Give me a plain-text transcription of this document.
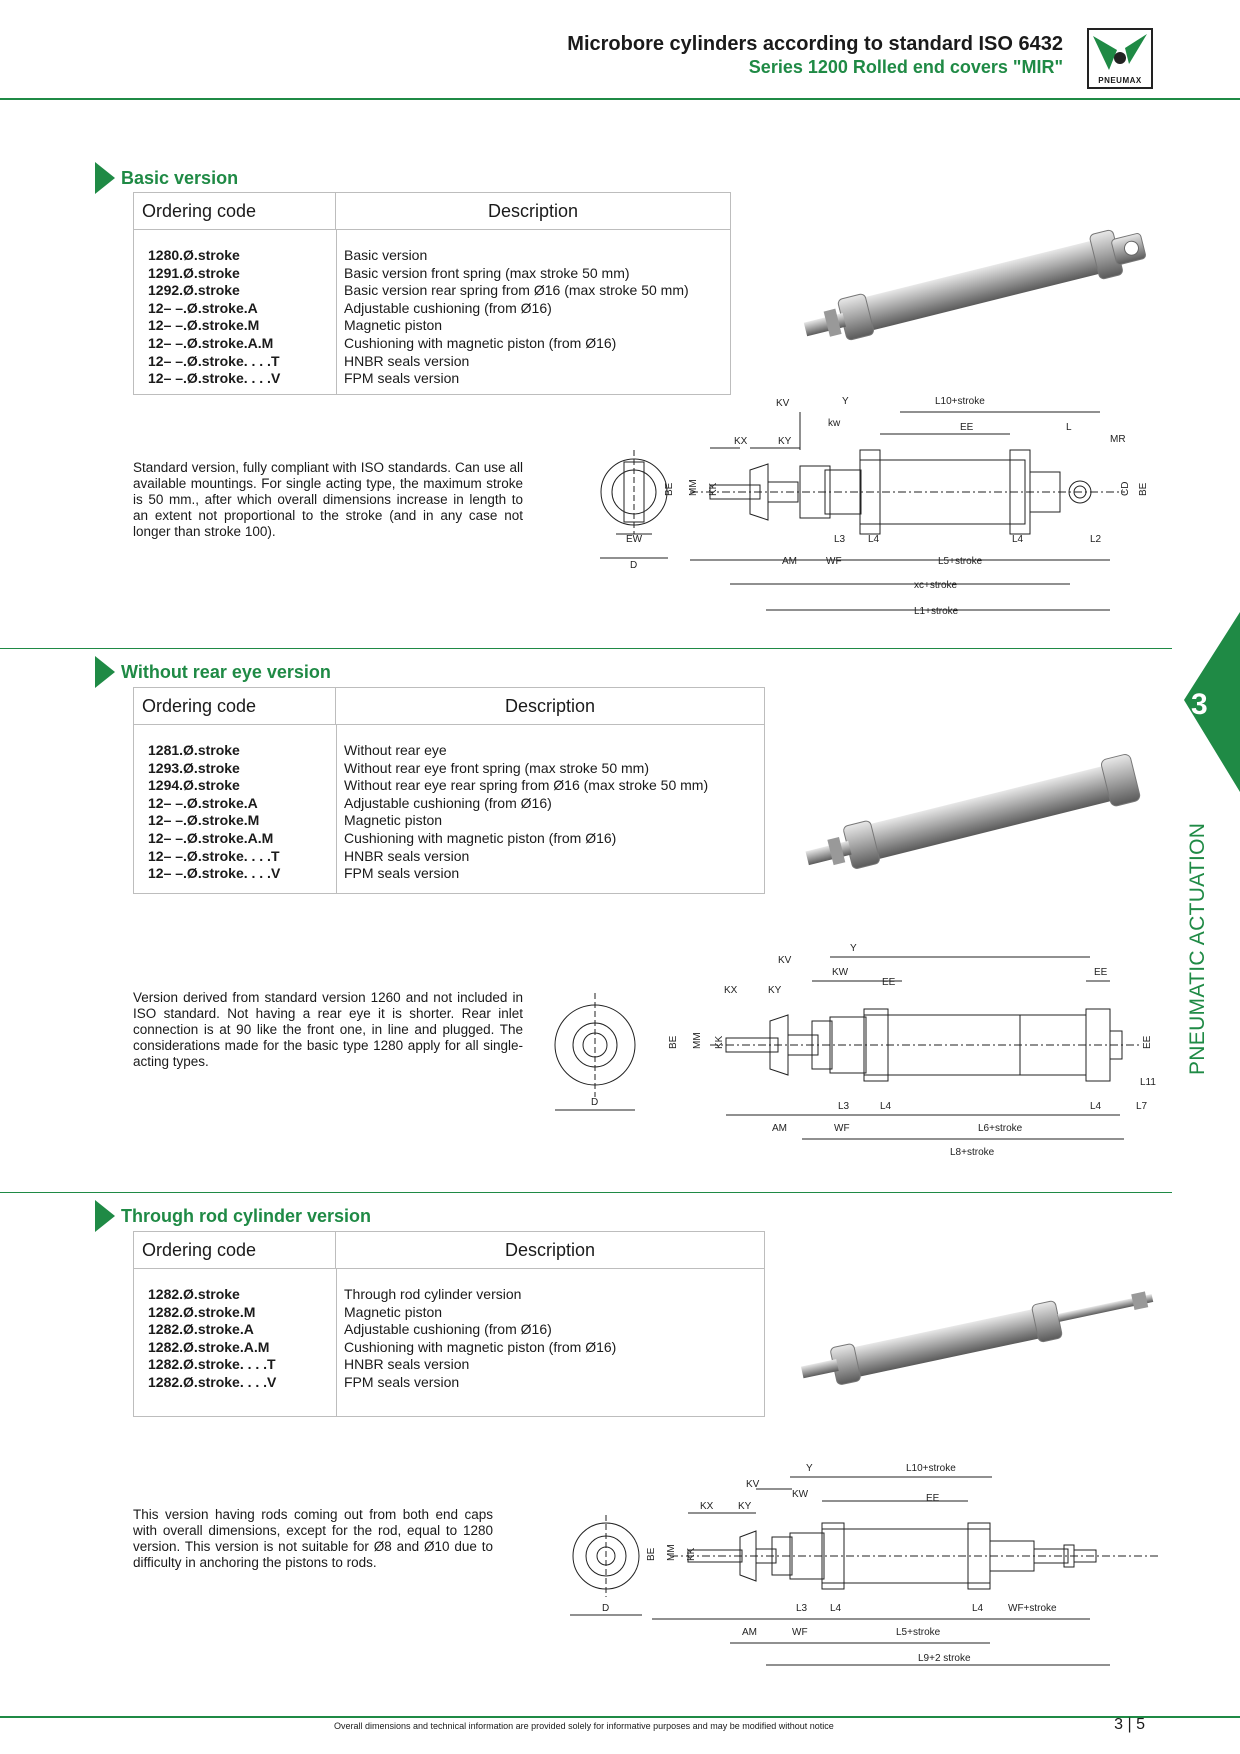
Microbore cylinders according to standard ISO 6432
Series 1200 Rolled end covers "MIR"
PNEUMAX
3
PNEUMATIC ACTUATION
Basic version
Ordering code	Description
1280.Ø.stroke	Basic version
1291.Ø.stroke	Basic version front spring (max stroke 50 mm)
1292.Ø.stroke	Basic version rear spring from Ø16 (max stroke 50 mm)
12– –.Ø.stroke.A	Adjustable cushioning (from Ø16)
12– –.Ø.stroke.M	Magnetic piston
12– –.Ø.stroke.A.M	Cushioning with magnetic piston (from Ø16)
12– –.Ø.stroke. . . .T	HNBR seals version
12– –.Ø.stroke. . . .V	FPM seals version
Standard version, fully compliant with ISO standards. Can use all available mountings. For single acting type, the maximum stroke is 50 mm., after which overall dimensions increase in length to an extent not proportional to the stroke (and in any case not longer than stroke 100).
KV	Y	L10+stroke
kw	EE	L
MR
KX	KY
BE MM KK	CD BE
EW
D
L3 L4	L4	L2
AM	WF	L5+stroke
xc+stroke
L1+stroke
Without rear eye version
Ordering code	Description
1281.Ø.stroke	Without rear eye
1293.Ø.stroke	Without rear eye front spring (max stroke 50 mm)
1294.Ø.stroke	Without rear eye rear spring from Ø16 (max stroke 50 mm)
12– –.Ø.stroke.A	Adjustable cushioning (from Ø16)
12– –.Ø.stroke.M	Magnetic piston
12– –.Ø.stroke.A.M	Cushioning with magnetic piston (from Ø16)
12– –.Ø.stroke. . . .T	HNBR seals version
12– –.Ø.stroke. . . .V	FPM seals version
Version derived from standard version 1260 and not included in ISO standard. Not having a rear eye it is shorter. Rear inlet connection is at 90 like the front one, in line and plugged. The considerations made for the basic type 1280 apply for all single-acting types.
Y
KV
KW
EE
EE
KX	KY
BE MM KK	EE
L11
D	L3	L4	L4	L7
AM	WF	L6+stroke
L8+stroke
Through rod cylinder version
Ordering code	Description
1282.Ø.stroke	Through rod cylinder version
1282.Ø.stroke.M	Magnetic piston
1282.Ø.stroke.A	Adjustable cushioning (from Ø16)
1282.Ø.stroke.A.M	Cushioning with magnetic piston (from Ø16)
1282.Ø.stroke. . . .T	HNBR seals version
1282.Ø.stroke. . . .V	FPM seals version
This version having rods coming out from both end caps with overall dimensions, except for the rod, equal to 1280 version. This version is not suitable for Ø8 and Ø10 due to difficulty in anchoring the pistons to rods.
Y	L10+stroke
KV
KW	EE
KX KY
BE MM KK
D	L3 L4	L4 WF+stroke
AM	WF	L5+stroke
L9+2 stroke
Overall dimensions and technical information are provided solely for informative purposes and may be modified without notice	3 | 5
